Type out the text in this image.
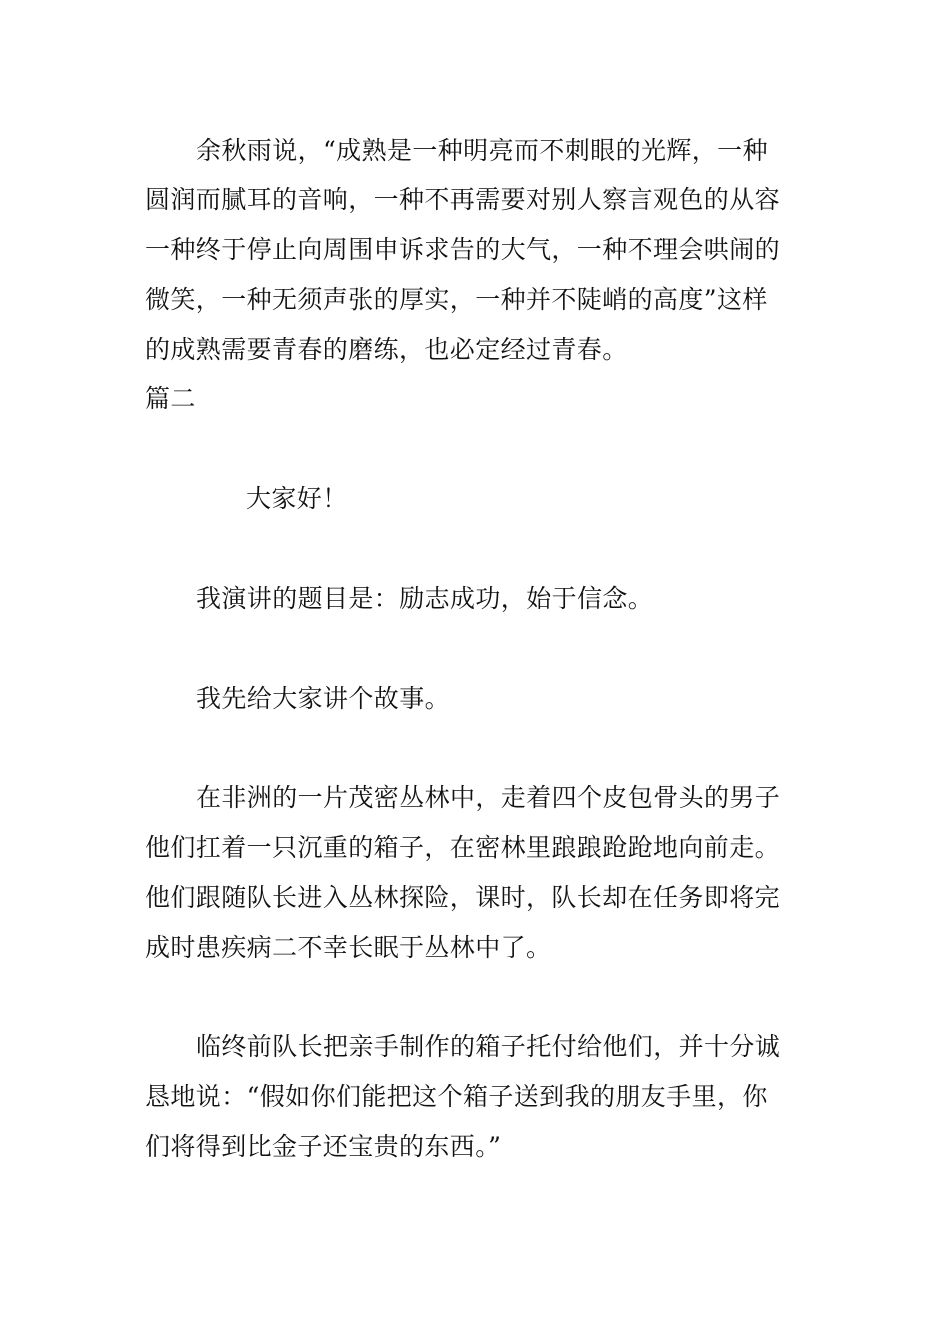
余秋雨说，“成熟是一种明亮而不刺眼的光辉，一种
圆润而腻耳的音响，一种不再需要对别人察言观色的从容
一种终于停止向周围申诉求告的大气，一种不理会哄闹的
微笑，一种无须声张的厚实，一种并不陡峭的高度”这样
的成熟需要青春的磨练，也必定经过青春。
篇二
大家好！
我演讲的题目是：励志成功，始于信念。
我先给大家讲个故事。
在非洲的一片茂密丛林中，走着四个皮包骨头的男子
他们扛着一只沉重的箱子，在密林里踉踉跄跄地向前走。
他们跟随队长进入丛林探险，课时，队长却在任务即将完
成时患疾病二不幸长眠于丛林中了。
临终前队长把亲手制作的箱子托付给他们，并十分诚
恳地说：“假如你们能把这个箱子送到我的朋友手里，你
们将得到比金子还宝贵的东西。”
